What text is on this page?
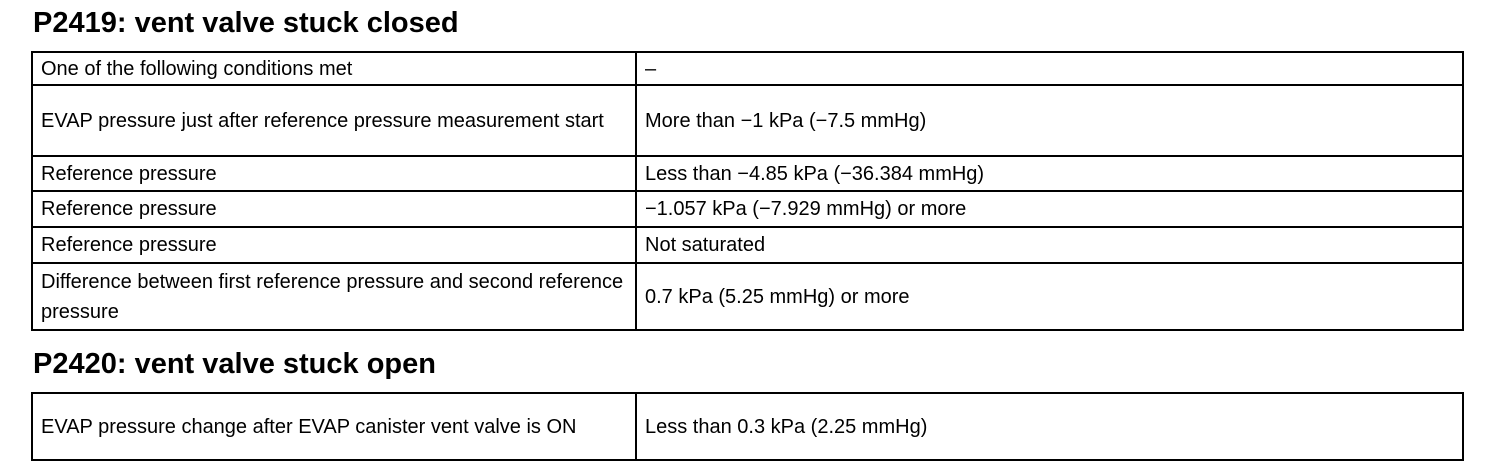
P2419: vent valve stuck closed
One of the following conditions met	–
EVAP pressure just after reference pressure measurement start	More than −1 kPa (−7.5 mmHg)
Reference pressure	Less than −4.85 kPa (−36.384 mmHg)
Reference pressure	−1.057 kPa (−7.929 mmHg) or more
Reference pressure	Not saturated
Difference between first reference pressure and second reference pressure	0.7 kPa (5.25 mmHg) or more
P2420: vent valve stuck open
EVAP pressure change after EVAP canister vent valve is ON	Less than 0.3 kPa (2.25 mmHg)
